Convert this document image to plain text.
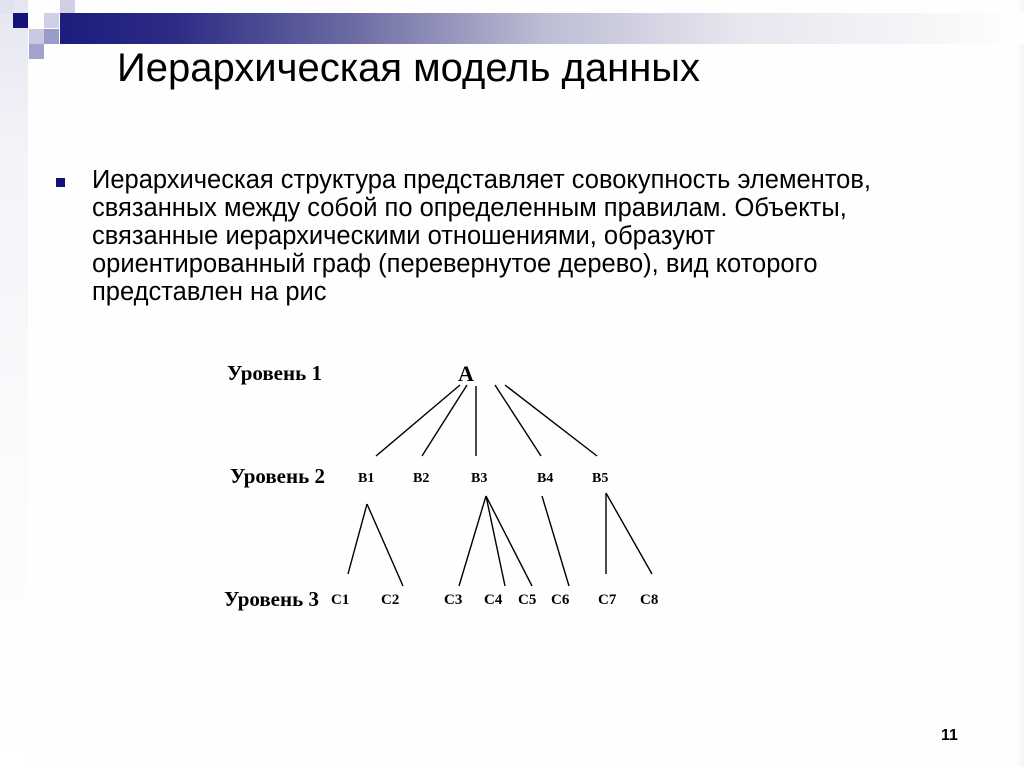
Иерархическая модель данных
Иерархическая структура представляет совокупность элементов,
связанных между собой по определенным правилам. Объекты,
связанные иерархическими отношениями, образуют
ориентированный граф (перевернутое дерево), вид которого
представлен на рис
Уровень 1
Уровень 2
Уровень 3
A
B1	B2	B3	B4	B5
C1 C2	C3 C4 C5 C6 C7 C8
11
